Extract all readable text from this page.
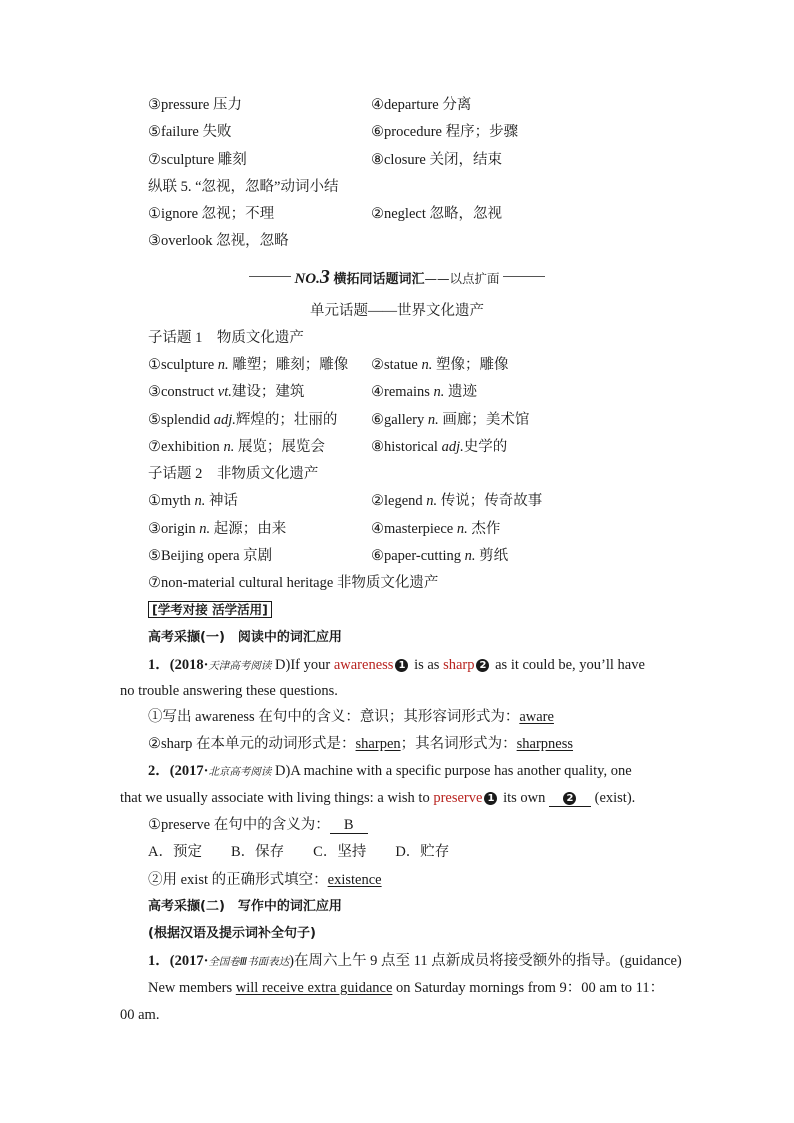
③pressure 压力	④departure 分离
⑤failure 失败	⑥procedure 程序；步骤
⑦sculpture 雕刻	⑧closure 关闭，结束
纵联 5. “忽视，忽略”动词小结
①ignore 忽视；不理	②neglect 忽略，忽视
③overlook 忽视，忽略
NO.3 横拓同话题词汇——以点扩面
单元话题——世界文化遗产
子话题 1　物质文化遗产
①sculpture n. 雕塑；雕刻；雕像 ②statue n. 塑像；雕像
③construct vt.建设；建筑	④remains n. 遗迹
⑤splendid adj.辉煌的；壮丽的 ⑥gallery n. 画廊；美术馆
⑦exhibition n. 展览；展览会	⑧historical adj.史学的
子话题 2　非物质文化遗产
①myth n. 神话	②legend n. 传说；传奇故事
③origin n. 起源；由来	④masterpiece n. 杰作
⑤Beijing opera 京剧	⑥paper-cutting n. 剪纸
⑦non-material cultural heritage 非物质文化遗产
[学考对接 活学活用]
高考采撷(一)　阅读中的词汇应用
1．(2018·天津高考阅读 D)If your awareness 1 is as sharp 2 as it could be, you’ll have
no trouble answering these questions.
①写出 awareness 在句中的含义：意识；其形容词形式为：aware
②sharp 在本单元的动词形式是：sharpen；其名词形式为：sharpness
2．(2017·北京高考阅读 D)A machine with a specific purpose has another quality, one
that we usually associate with living things: a wish to preserve 1 its own 2 (exist).
①preserve 在句中的含义为： B
A．预定　　B．保存　　C．坚持　　D．贮存
②用 exist 的正确形式填空：existence
高考采撷(二)　写作中的词汇应用
(根据汉语及提示词补全句子)
1．(2017·全国卷Ⅲ书面表达)在周六上午 9 点至 11 点新成员将接受额外的指导。(guidance)
New members will receive extra guidance on Saturday mornings from 9：00 am to 11：
00 am.
